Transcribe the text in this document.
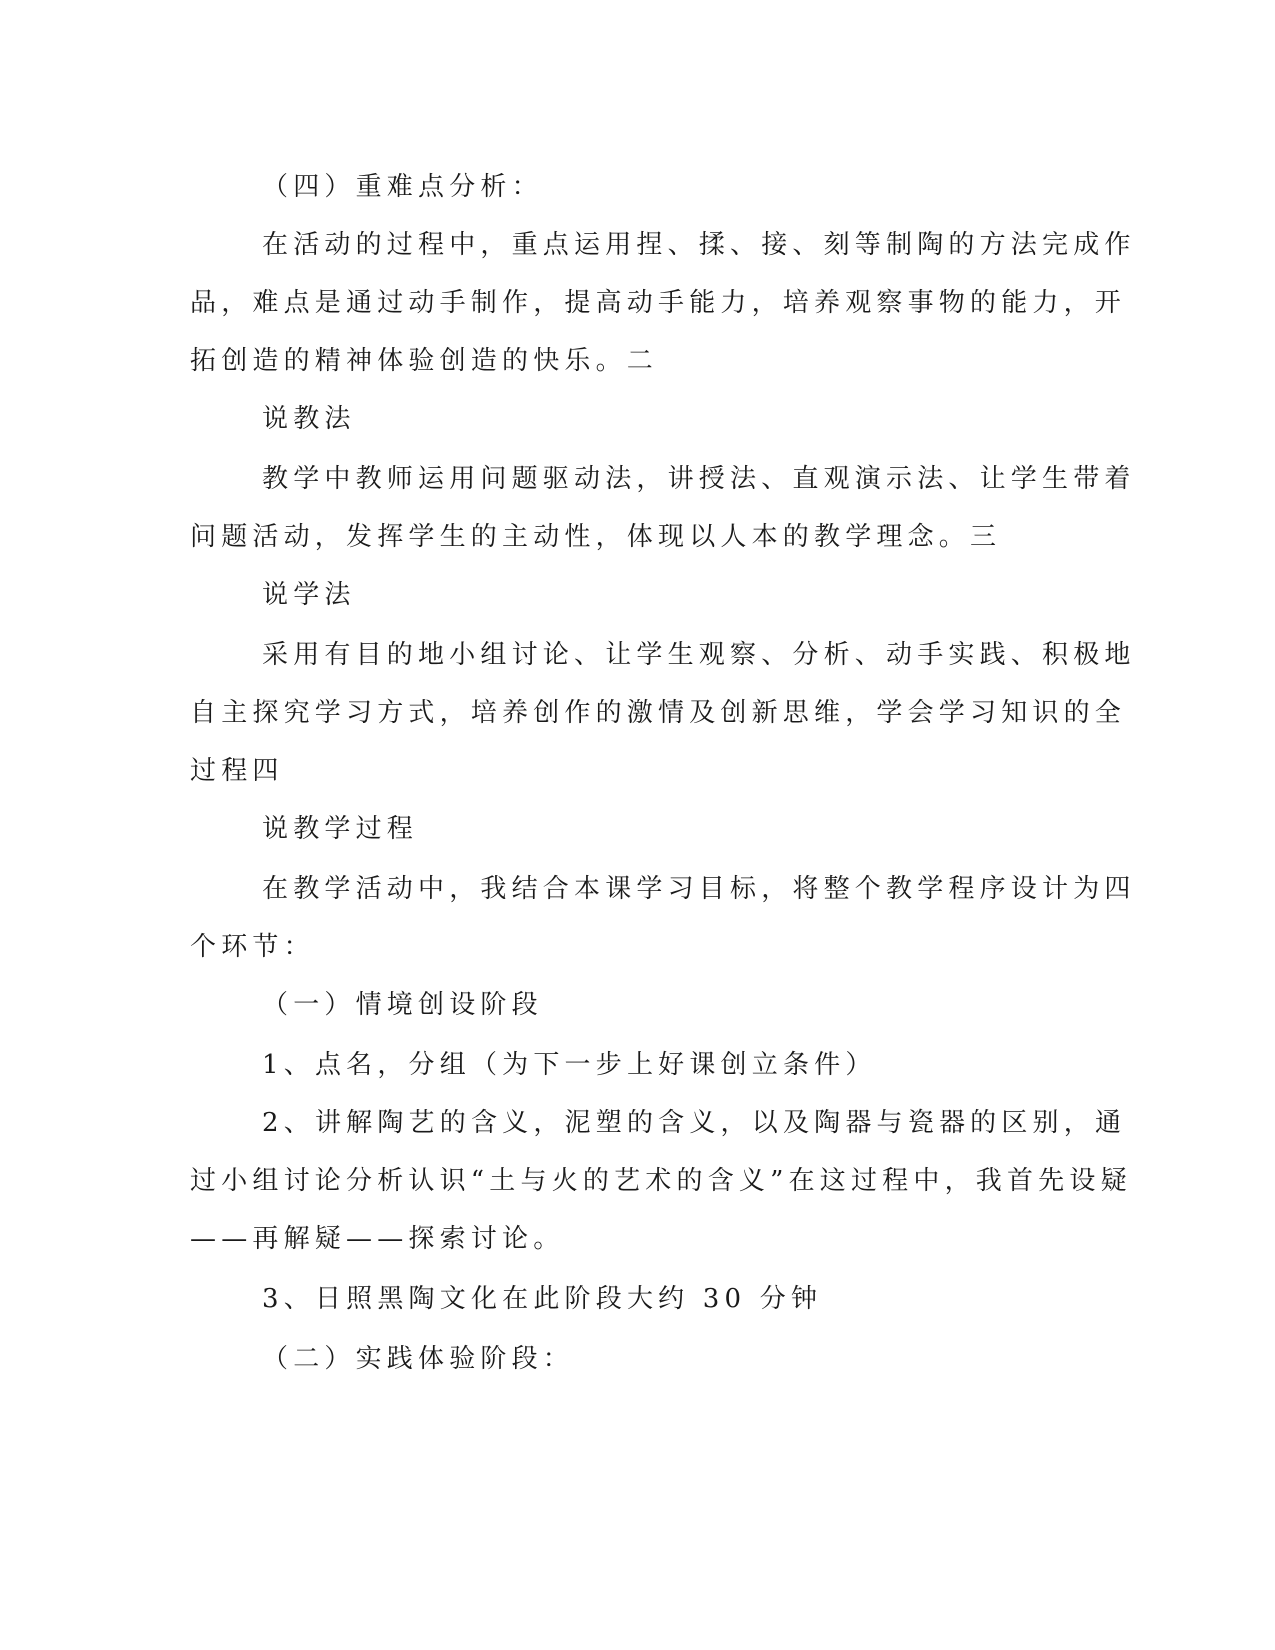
（四）重难点分析：

在活动的过程中，重点运用捏、揉、接、刻等制陶的方法完成作

品，难点是通过动手制作，提高动手能力，培养观察事物的能力，开

拓创造的精神体验创造的快乐。二

说教法

教学中教师运用问题驱动法，讲授法、直观演示法、让学生带着

问题活动，发挥学生的主动性，体现以人本的教学理念。三

说学法

采用有目的地小组讨论、让学生观察、分析、动手实践、积极地

自主探究学习方式，培养创作的激情及创新思维，学会学习知识的全

过程四

说教学过程

在教学活动中，我结合本课学习目标，将整个教学程序设计为四

个环节：

（一）情境创设阶段

1、点名，分组（为下一步上好课创立条件）

2、讲解陶艺的含义，泥塑的含义，以及陶器与瓷器的区别，通

过小组讨论分析认识“土与火的艺术的含义”在这过程中，我首先设疑

——再解疑——探索讨论。

3、日照黑陶文化在此阶段大约 30 分钟

（二）实践体验阶段：
